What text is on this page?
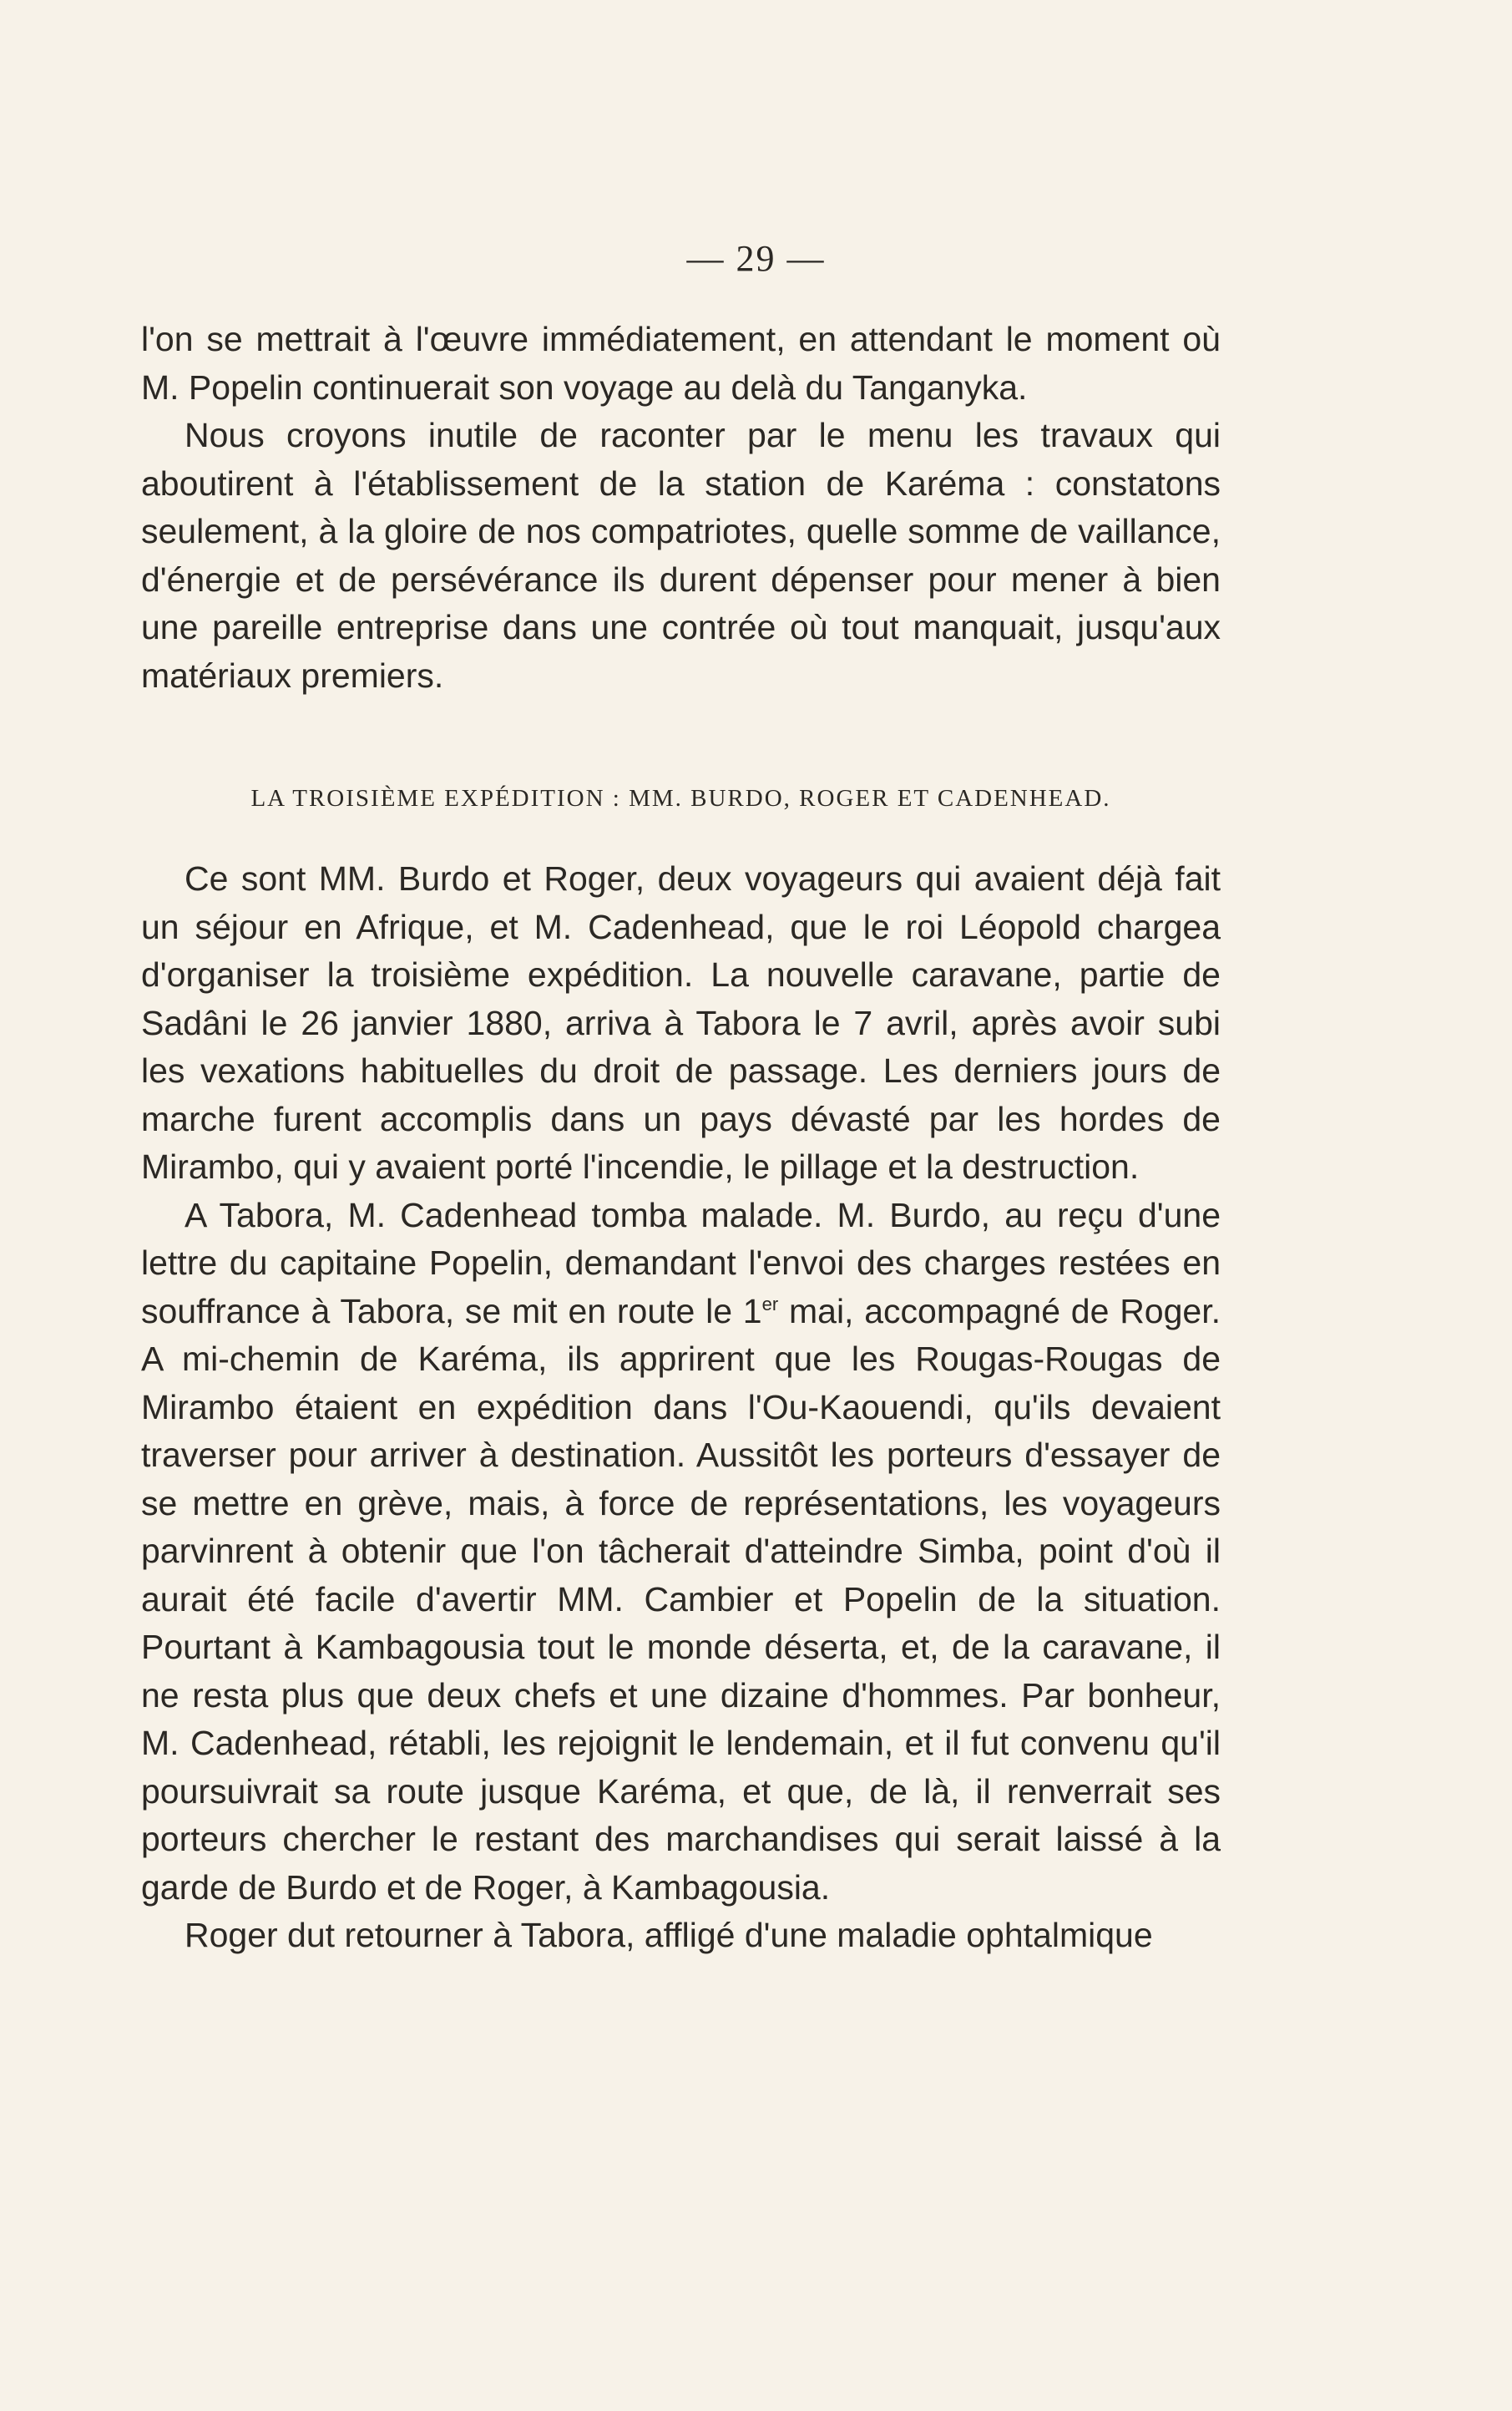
— 29 —

l'on se mettrait à l'œuvre immédiatement, en attendant le moment où M. Popelin continuerait son voyage au delà du Tanganyka.

Nous croyons inutile de raconter par le menu les travaux qui aboutirent à l'établissement de la station de Karéma : constatons seulement, à la gloire de nos compatriotes, quelle somme de vaillance, d'énergie et de persévérance ils durent dépenser pour mener à bien une pareille entreprise dans une contrée où tout manquait, jusqu'aux matériaux premiers.

LA TROISIÈME EXPÉDITION : MM. BURDO, ROGER ET CADENHEAD.

Ce sont MM. Burdo et Roger, deux voyageurs qui avaient déjà fait un séjour en Afrique, et M. Cadenhead, que le roi Léopold chargea d'organiser la troisième expédition. La nouvelle caravane, partie de Sadâni le 26 janvier 1880, arriva à Tabora le 7 avril, après avoir subi les vexations habituelles du droit de passage. Les derniers jours de marche furent accomplis dans un pays dévasté par les hordes de Mirambo, qui y avaient porté l'incendie, le pillage et la destruction.

A Tabora, M. Cadenhead tomba malade. M. Burdo, au reçu d'une lettre du capitaine Popelin, demandant l'envoi des charges restées en souffrance à Tabora, se mit en route le 1er mai, accompagné de Roger. A mi-chemin de Karéma, ils apprirent que les Rougas-Rougas de Mirambo étaient en expédition dans l'Ou-Kaouendi, qu'ils devaient traverser pour arriver à destination. Aussitôt les porteurs d'essayer de se mettre en grève, mais, à force de représentations, les voyageurs parvinrent à obtenir que l'on tâcherait d'atteindre Simba, point d'où il aurait été facile d'avertir MM. Cambier et Popelin de la situation. Pourtant à Kambagousia tout le monde déserta, et, de la caravane, il ne resta plus que deux chefs et une dizaine d'hommes. Par bonheur, M. Cadenhead, rétabli, les rejoignit le lendemain, et il fut convenu qu'il poursuivrait sa route jusque Karéma, et que, de là, il renverrait ses porteurs chercher le restant des marchandises qui serait laissé à la garde de Burdo et de Roger, à Kambagousia.

Roger dut retourner à Tabora, affligé d'une maladie ophtalmique
